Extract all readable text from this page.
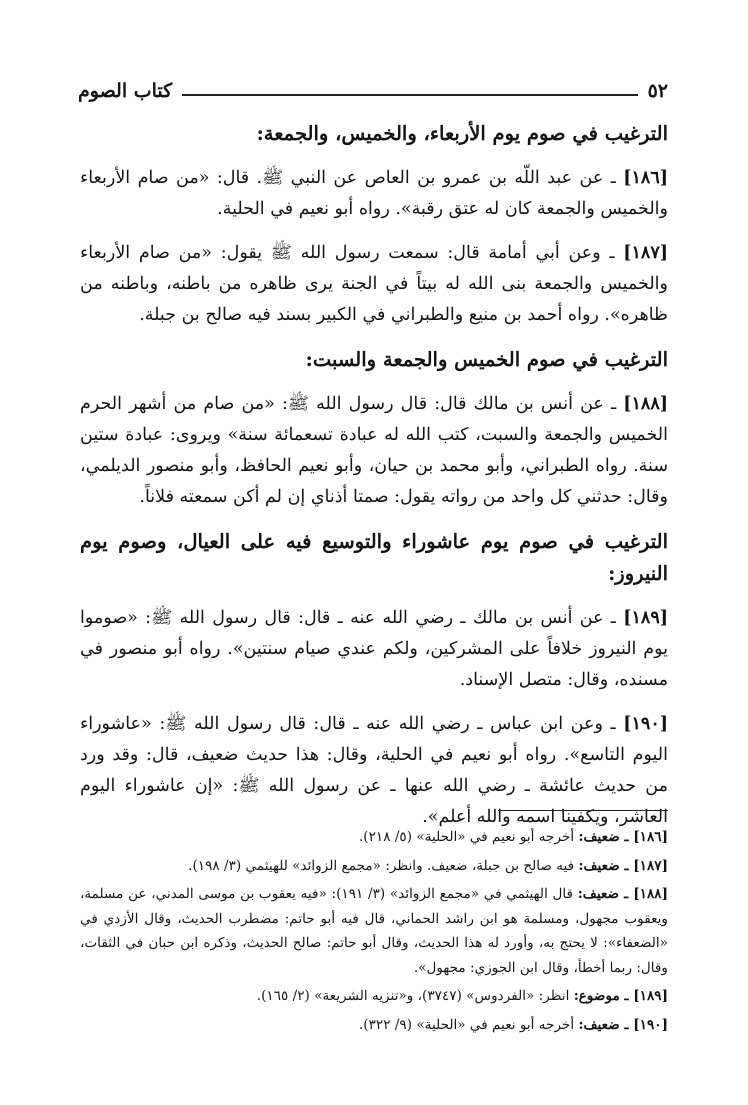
٥٢
كتاب الصوم
الترغيب في صوم يوم الأربعاء، والخميس، والجمعة:

[١٨٦] ـ عن عبد اللّه بن عمرو بن العاص عن النبي ﷺ. قال: «من صام الأربعاء والخميس والجمعة كان له عتق رقبة». رواه أبو نعيم في الحلية.

[١٨٧] ـ وعن أبي أمامة قال: سمعت رسول الله ﷺ يقول: «من صام الأربعاء والخميس والجمعة بنى الله له بيتاً في الجنة يرى ظاهره من باطنه، وباطنه من ظاهره». رواه أحمد بن منيع والطبراني في الكبير بسند فيه صالح بن جبلة.

الترغيب في صوم الخميس والجمعة والسبت:

[١٨٨] ـ عن أنس بن مالك قال: قال رسول الله ﷺ: «من صام من أشهر الحرم الخميس والجمعة والسبت، كتب الله له عبادة تسعمائة سنة» ويروى: عبادة ستين سنة. رواه الطبراني، وأبو محمد بن حيان، وأبو نعيم الحافظ، وأبو منصور الديلمي، وقال: حدثني كل واحد من رواته يقول: صمتا أذناي إن لم أكن سمعته فلاناً.

الترغيب في صوم يوم عاشوراء والتوسيع فيه على العيال، وصوم يوم النيروز:

[١٨٩] ـ عن أنس بن مالك ـ رضي الله عنه ـ قال: قال رسول الله ﷺ: «صوموا يوم النيروز خلافاً على المشركين، ولكم عندي صيام سنتين». رواه أبو منصور في مسنده، وقال: متصل الإسناد.

[١٩٠] ـ وعن ابن عباس ـ رضي الله عنه ـ قال: قال رسول الله ﷺ: «عاشوراء اليوم التاسع». رواه أبو نعيم في الحلية، وقال: هذا حديث ضعيف، قال: وقد ورد من حديث عائشة ـ رضي الله عنها ـ عن رسول الله ﷺ: «إن عاشوراء اليوم العاشر، ويكفينا اسمه والله أعلم».

[١٨٦] ـ ضعيف: أخرجه أبو نعيم في «الحلية» (٥/ ٢١٨).
[١٨٧] ـ ضعيف: فيه صالح بن جبلة، ضعيف. وانظر: «مجمع الزوائد» للهيثمي (٣/ ١٩٨).
[١٨٨] ـ ضعيف: قال الهيثمي في «مجمع الزوائد» (٣/ ١٩١): «فيه يعقوب بن موسى المدني، عن مسلمة، ويعقوب مجهول، ومسلمة هو ابن راشد الحماني، قال فيه أبو حاتم: مضطرب الحديث، وقال الأزدي في «الضعفاء»: لا يحتج به، وأورد له هذا الحديث، وقال أبو حاتم: صالح الحديث، وذكره ابن حبان في الثقات، وقال: ربما أخطأ، وقال ابن الجوزي: مجهول».
[١٨٩] ـ موضوع: انظر: «الفردوس» (٣٧٤٧)، و«تنزيه الشريعة» (٢/ ١٦٥).
[١٩٠] ـ ضعيف: أخرجه أبو نعيم في «الحلية» (٩/ ٣٢٢).
